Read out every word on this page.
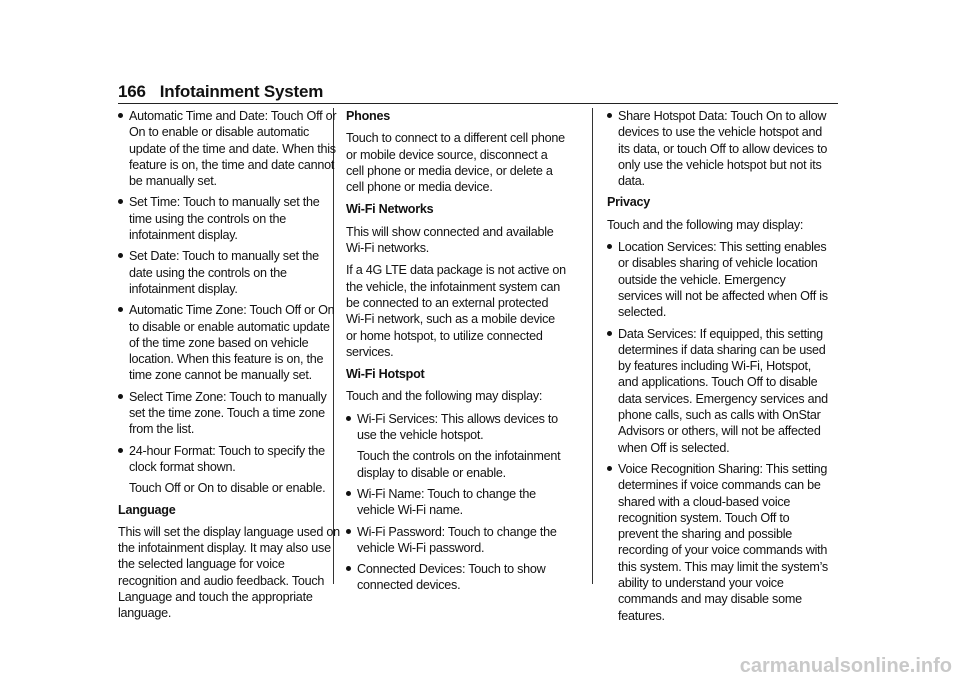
166 Infotainment System
Automatic Time and Date: Touch Off or On to enable or disable automatic update of the time and date. When this feature is on, the time and date cannot be manually set.
Set Time: Touch to manually set the time using the controls on the infotainment display.
Set Date: Touch to manually set the date using the controls on the infotainment display.
Automatic Time Zone: Touch Off or On to disable or enable automatic update of the time zone based on vehicle location. When this feature is on, the time zone cannot be manually set.
Select Time Zone: Touch to manually set the time zone. Touch a time zone from the list.
24-hour Format: Touch to specify the clock format shown.
Touch Off or On to disable or enable.
Language
This will set the display language used on the infotainment display. It may also use the selected language for voice recognition and audio feedback. Touch Language and touch the appropriate language.
Phones
Touch to connect to a different cell phone or mobile device source, disconnect a cell phone or media device, or delete a cell phone or media device.
Wi-Fi Networks
This will show connected and available Wi-Fi networks.
If a 4G LTE data package is not active on the vehicle, the infotainment system can be connected to an external protected Wi-Fi network, such as a mobile device or home hotspot, to utilize connected services.
Wi-Fi Hotspot
Touch and the following may display:
Wi-Fi Services: This allows devices to use the vehicle hotspot.
Touch the controls on the infotainment display to disable or enable.
Wi-Fi Name: Touch to change the vehicle Wi-Fi name.
Wi-Fi Password: Touch to change the vehicle Wi-Fi password.
Connected Devices: Touch to show connected devices.
Share Hotspot Data: Touch On to allow devices to use the vehicle hotspot and its data, or touch Off to allow devices to only use the vehicle hotspot but not its data.
Privacy
Touch and the following may display:
Location Services: This setting enables or disables sharing of vehicle location outside the vehicle. Emergency services will not be affected when Off is selected.
Data Services: If equipped, this setting determines if data sharing can be used by features including Wi-Fi, Hotspot, and applications. Touch Off to disable data services. Emergency services and phone calls, such as calls with OnStar Advisors or others, will not be affected when Off is selected.
Voice Recognition Sharing: This setting determines if voice commands can be shared with a cloud-based voice recognition system. Touch Off to prevent the sharing and possible recording of your voice commands with this system. This may limit the system’s ability to understand your voice commands and may disable some features.
carmanualsonline.info
